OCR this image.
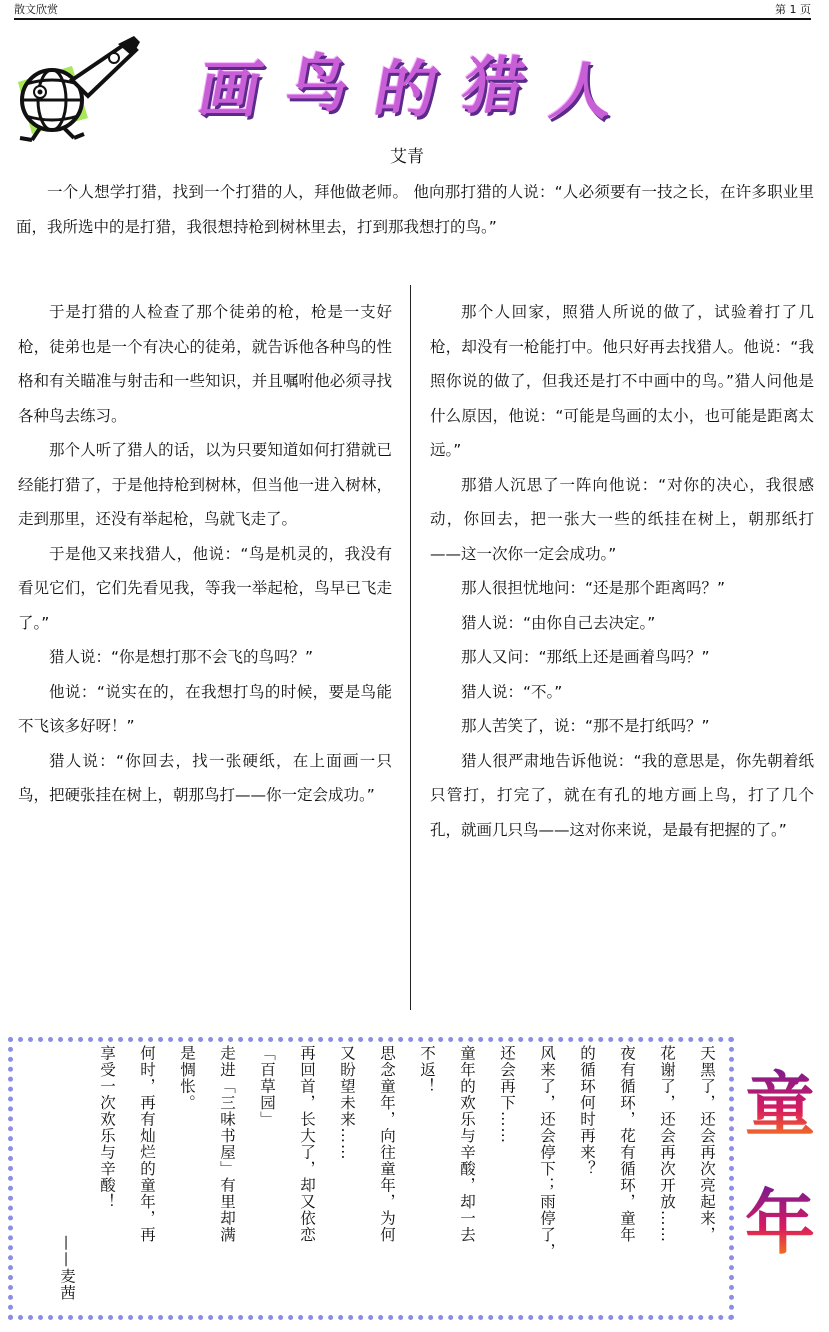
散文欣赏	第 1 页
画 鸟 的 猎 人
艾青

一个人想学打猎，找到一个打猎的人，拜他做老师。 他向那打猎的人说：“人必须要有一技之长，在许多职业里面，我所选中的是打猎，我很想持枪到树林里去，打到那我想打的鸟。”

于是打猎的人检查了那个徒弟的枪，枪是一支好枪，徒弟也是一个有决心的徒弟，就告诉他各种鸟的性格和有关瞄准与射击和一些知识，并且嘱咐他必须寻找各种鸟去练习。

那个人听了猎人的话，以为只要知道如何打猎就已经能打猎了，于是他持枪到树林，但当他一进入树林，走到那里，还没有举起枪，鸟就飞走了。

于是他又来找猎人，他说：“鸟是机灵的，我没有看见它们，它们先看见我，等我一举起枪，鸟早已飞走了。”

猎人说：“你是想打那不会飞的鸟吗？”

他说：“说实在的，在我想打鸟的时候，要是鸟能不飞该多好呀！”

猎人说：“你回去，找一张硬纸，在上面画一只鸟，把硬张挂在树上，朝那鸟打——你一定会成功。”

那个人回家，照猎人所说的做了，试验着打了几枪，却没有一枪能打中。他只好再去找猎人。他说：“我照你说的做了，但我还是打不中画中的鸟。”猎人问他是什么原因，他说：“可能是鸟画的太小，也可能是距离太远。”

那猎人沉思了一阵向他说：“对你的决心，我很感动，你回去，把一张大一些的纸挂在树上，朝那纸打——这一次你一定会成功。”

那人很担忧地问：“还是那个距离吗？”

猎人说：“由你自己去决定。”

那人又问：“那纸上还是画着鸟吗？”

猎人说：“不。”

那人苦笑了，说：“那不是打纸吗？”

猎人很严肃地告诉他说：“我的意思是，你先朝着纸只管打，打完了，就在有孔的地方画上鸟，打了几个孔，就画几只鸟——这对你来说，是最有把握的了。”

天黑了，还会再次亮起来，
花谢了，还会再次开放……
夜有循环，花有循环，童年
的循环何时再来？
风来了，还会停下；雨停了，
还会再下……
童年的欢乐与辛酸，却一去
不返！
思念童年，向往童年，为何
又盼望未来……
再回首，长大了，却又依恋
「百草园」
走进「三味书屋」有里却满
是惆怅。
何时，再有灿烂的童年，再
享受一次欢乐与辛酸！
——麦茜
童
年
